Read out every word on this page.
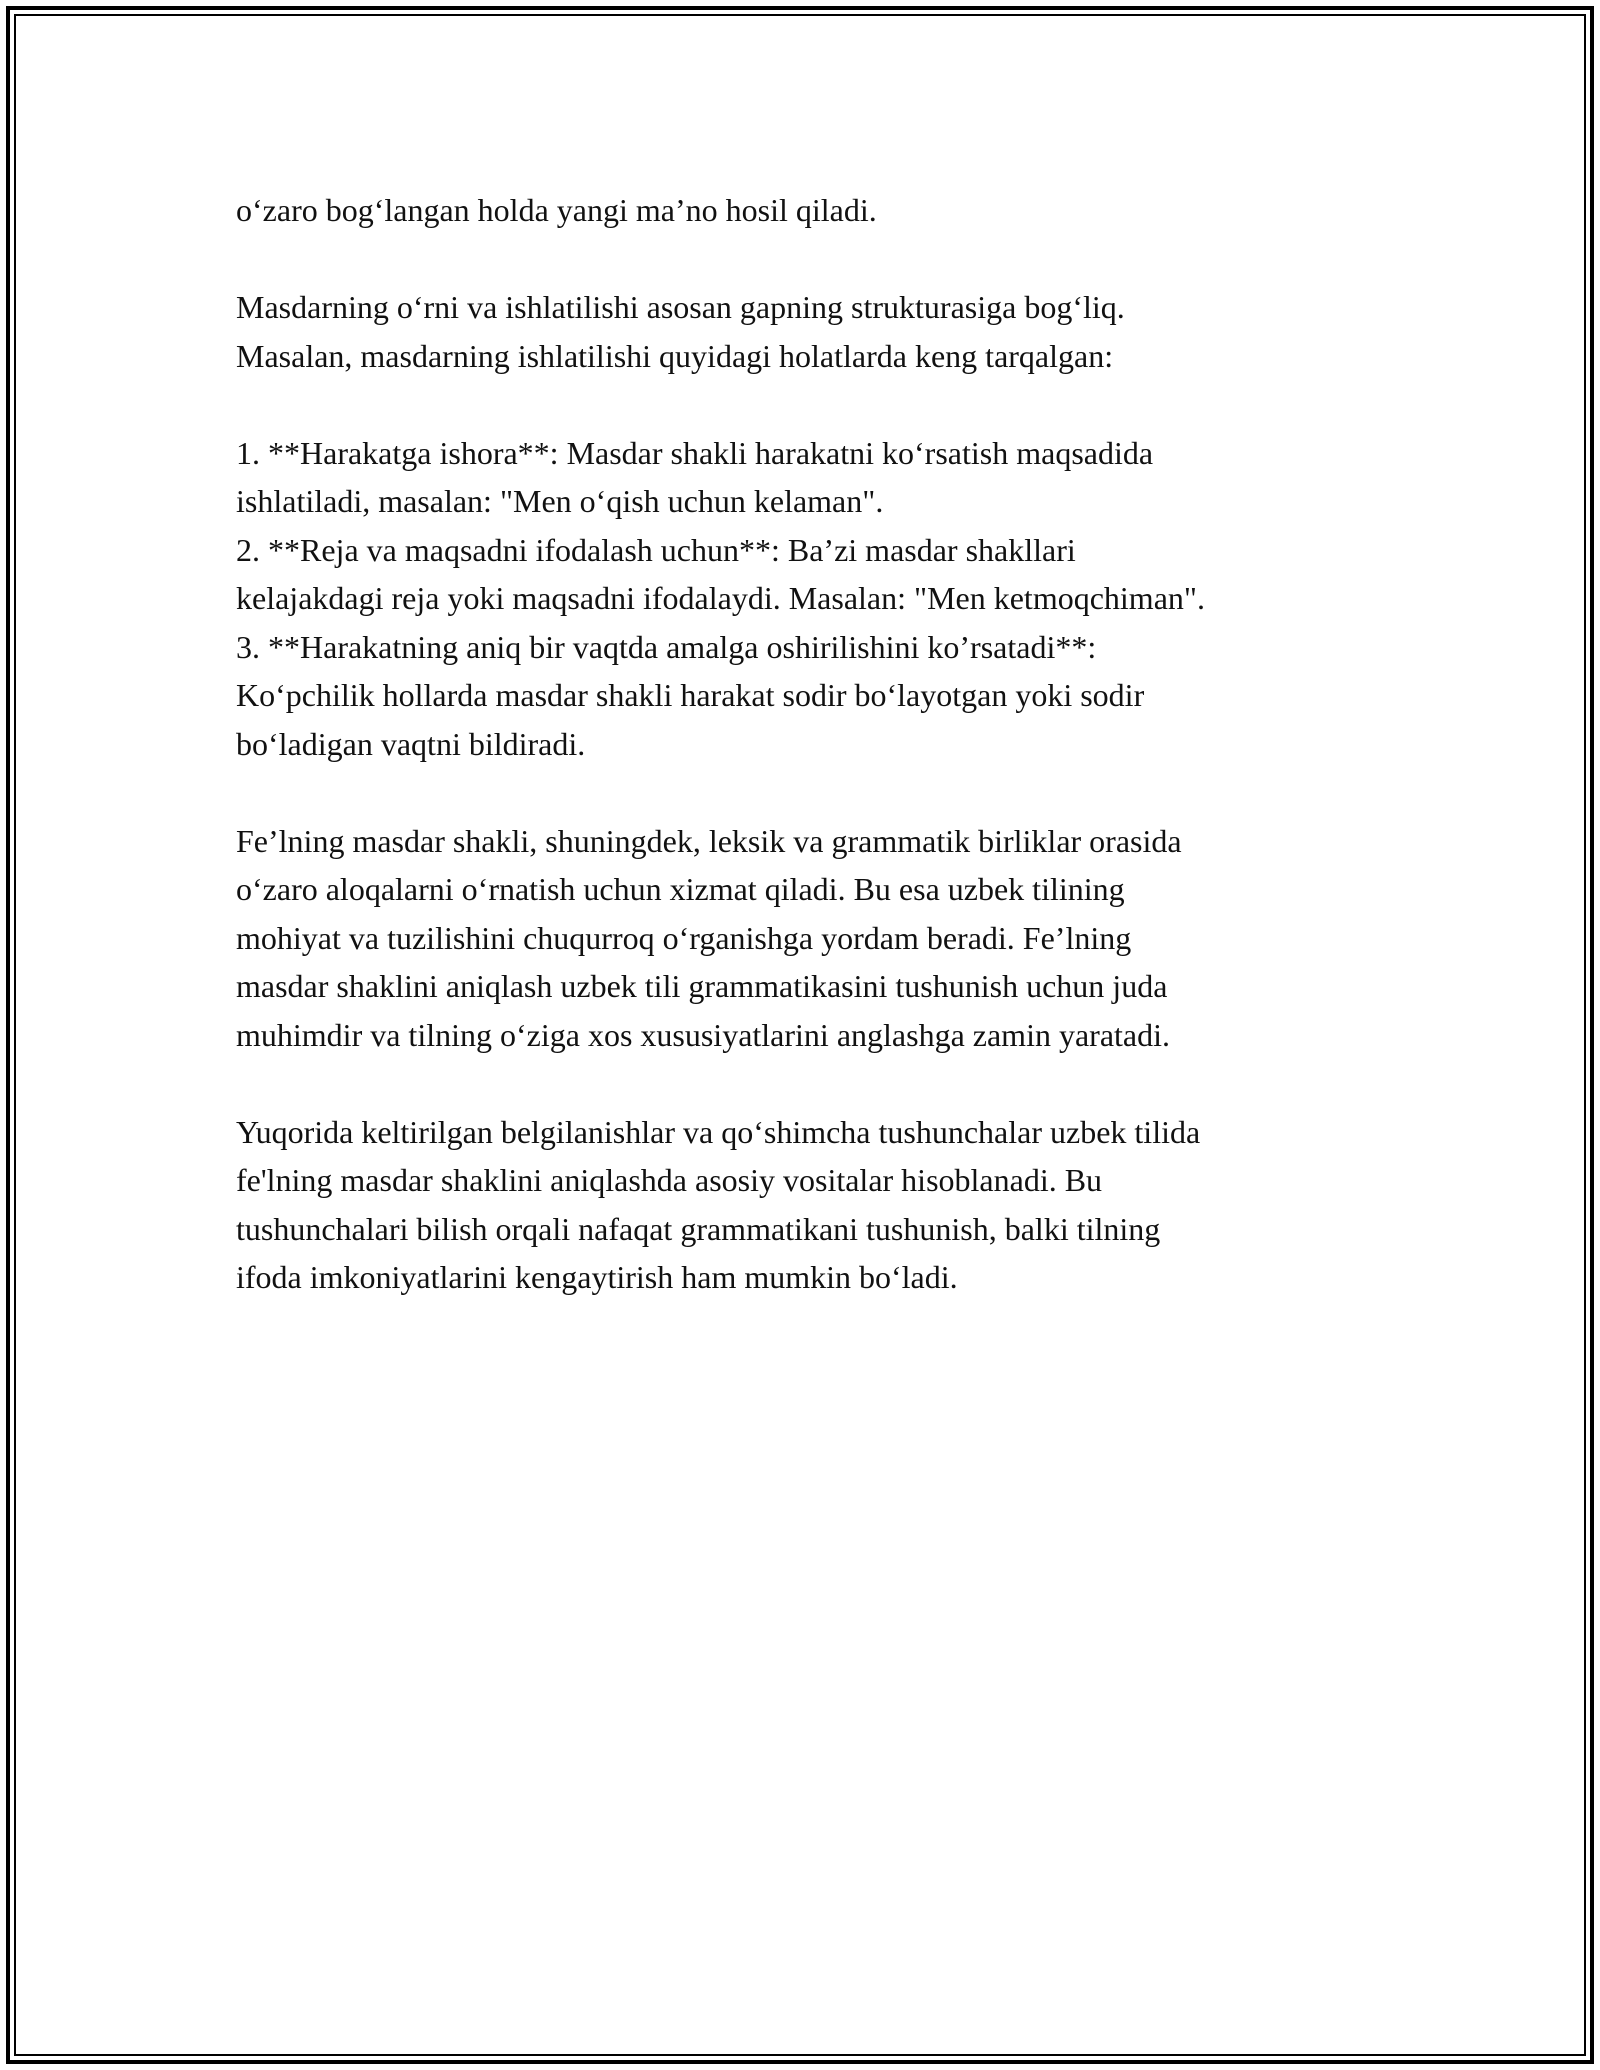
o‘zaro bog‘langan holda yangi ma’no hosil qiladi.

Masdarning o‘rni va ishlatilishi asosan gapning strukturasiga bog‘liq.
Masalan, masdarning ishlatilishi quyidagi holatlarda keng tarqalgan:

1. **Harakatga ishora**: Masdar shakli harakatni ko‘rsatish maqsadida
ishlatiladi, masalan: "Men o‘qish uchun kelaman".
2. **Reja va maqsadni ifodalash uchun**: Ba’zi masdar shakllari
kelajakdagi reja yoki maqsadni ifodalaydi. Masalan: "Men ketmoqchiman".
3. **Harakatning aniq bir vaqtda amalga oshirilishini ko’rsatadi**:
Ko‘pchilik hollarda masdar shakli harakat sodir bo‘layotgan yoki sodir
bo‘ladigan vaqtni bildiradi.

Fe’lning masdar shakli, shuningdek, leksik va grammatik birliklar orasida
o‘zaro aloqalarni o‘rnatish uchun xizmat qiladi. Bu esa uzbek tilining
mohiyat va tuzilishini chuqurroq o‘rganishga yordam beradi. Fe’lning
masdar shaklini aniqlash uzbek tili grammatikasini tushunish uchun juda
muhimdir va tilning o‘ziga xos xususiyatlarini anglashga zamin yaratadi.

Yuqorida keltirilgan belgilanishlar va qo‘shimcha tushunchalar uzbek tilida
fe'lning masdar shaklini aniqlashda asosiy vositalar hisoblanadi. Bu
tushunchalari bilish orqali nafaqat grammatikani tushunish, balki tilning
ifoda imkoniyatlarini kengaytirish ham mumkin bo‘ladi.
